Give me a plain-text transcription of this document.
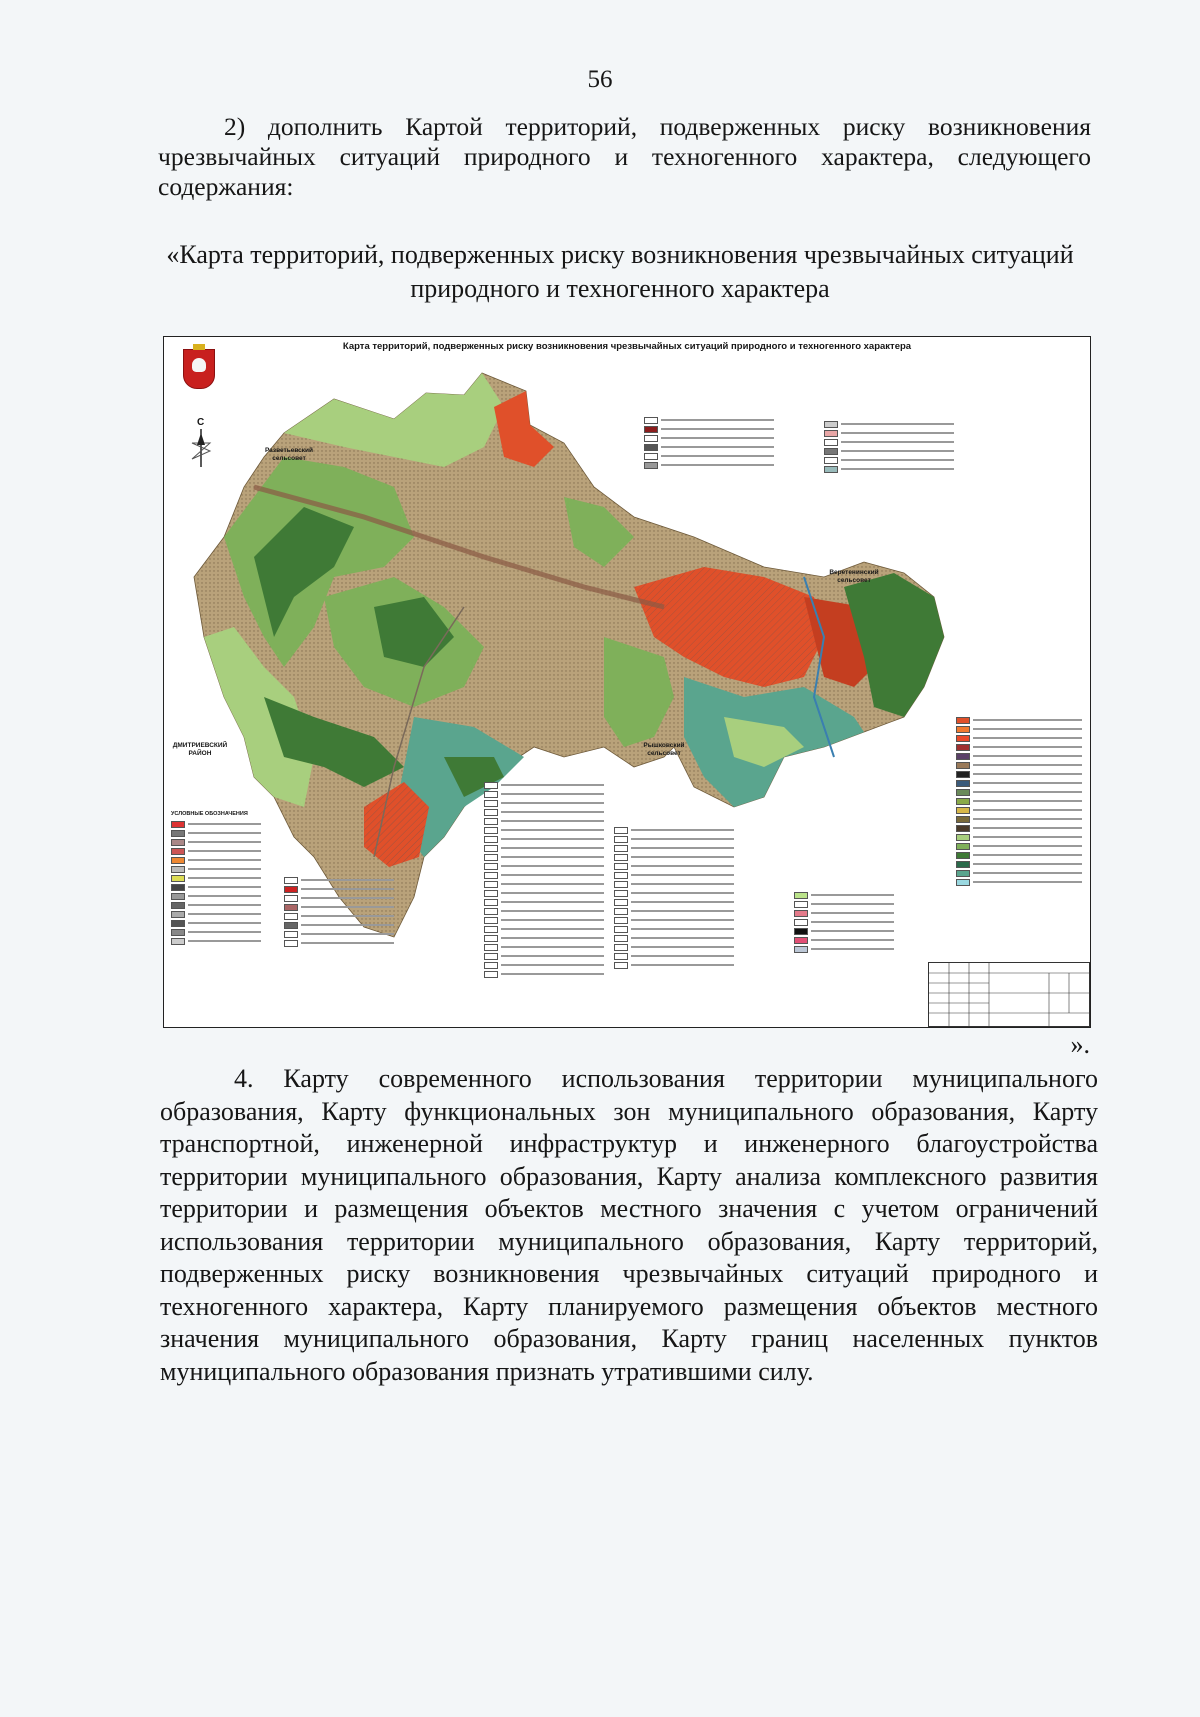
56
2) дополнить Картой территорий, подверженных риску возникновения чрезвычайных ситуаций природного и техногенного характера, следующего содержания:
«Карта территорий, подверженных риску возникновения чрезвычайных ситуаций природного и техногенного характера
Карта территорий, подверженных риску возникновения чрезвычайных ситуаций природного и техногенного характера
С
Разветьевский сельсовет
Веретенинский сельсовет
ДМИТРИЕВСКИЙ РАЙОН
Рышковский сельсовет
УСЛОВНЫЕ ОБОЗНАЧЕНИЯ
».
4. Карту современного использования территории муниципального образования, Карту функциональных зон муниципального образования, Карту транспортной, инженерной инфраструктур и инженерного благоустройства территории муниципального образования, Карту анализа комплексного развития территории и размещения объектов местного значения с учетом ограничений использования территории муниципального образования, Карту территорий, подверженных риску возникновения чрезвычайных ситуаций природного и техногенного характера, Карту планируемого размещения объектов местного значения муниципального образования, Карту границ населенных пунктов муниципального образования признать утратившими силу.
